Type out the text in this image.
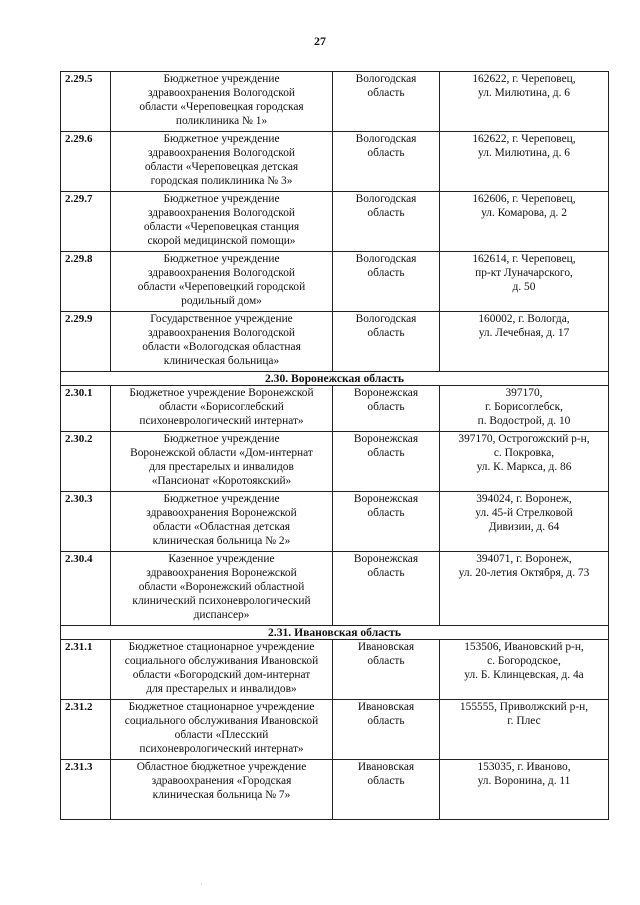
27
2.29.5	Бюджетное учреждение
здравоохранения Вологодской
области «Череповецкая городская
поликлиника № 1»	Вологодская
область	162622, г. Череповец,
ул. Милютина, д. 6

2.29.6	Бюджетное учреждение
здравоохранения Вологодской
области «Череповецкая детская
городская поликлиника № 3»	Вологодская
область	162622, г. Череповец,
ул. Милютина, д. 6

2.29.7	Бюджетное учреждение
здравоохранения Вологодской
области «Череповецкая станция
скорой медицинской помощи»	Вологодская
область	162606, г. Череповец,
ул. Комарова, д. 2

2.29.8	Бюджетное учреждение
здравоохранения Вологодской
области «Череповецкий городской
родильный дом»	Вологодская
область	162614, г. Череповец,
пр-кт Луначарского,
д. 50

2.29.9	Государственное учреждение
здравоохранения Вологодской
области «Вологодская областная
клиническая больница»	Вологодская
область	160002, г. Вологда,
ул. Лечебная, д. 17

2.30. Воронежская область			
2.30.1	Бюджетное учреждение Воронежской
области «Борисоглебский
психоневрологический интернат»	Воронежская
область	397170,
г. Борисоглебск,
п. Водострой, д. 10

2.30.2	Бюджетное учреждение
Воронежской области «Дом-интернат
для престарелых и инвалидов
«Пансионат «Коротоякский»	Воронежская
область	397170, Острогожский р-н,
с. Покровка,
ул. К. Маркса, д. 86

2.30.3	Бюджетное учреждение
здравоохранения Воронежской
области «Областная детская
клиническая больница № 2»	Воронежская
область	394024, г. Воронеж,
ул. 45-й Стрелковой
Дивизии, д. 64

2.30.4	Казенное учреждение
здравоохранения Воронежской
области «Воронежский областной
клинический психоневрологический
диспансер»	Воронежская
область	394071, г. Воронеж,
ул. 20-летия Октября, д. 73

2.31. Ивановская область			
2.31.1	Бюджетное стационарное учреждение
социального обслуживания Ивановской
области «Богородский дом-интернат
для престарелых и инвалидов»	Ивановская
область	153506, Ивановский р-н,
с. Богородское,
ул. Б. Клинцевская, д. 4а

2.31.2	Бюджетное стационарное учреждение
социального обслуживания Ивановской
области «Плесский
психоневрологический интернат»	Ивановская
область	155555, Приволжский р-н,
г. Плес

2.31.3	Областное бюджетное учреждение
здравоохранения «Городская
клиническая больница № 7»	Ивановская
область	153035, г. Иваново,
ул. Воронина, д. 11
·
